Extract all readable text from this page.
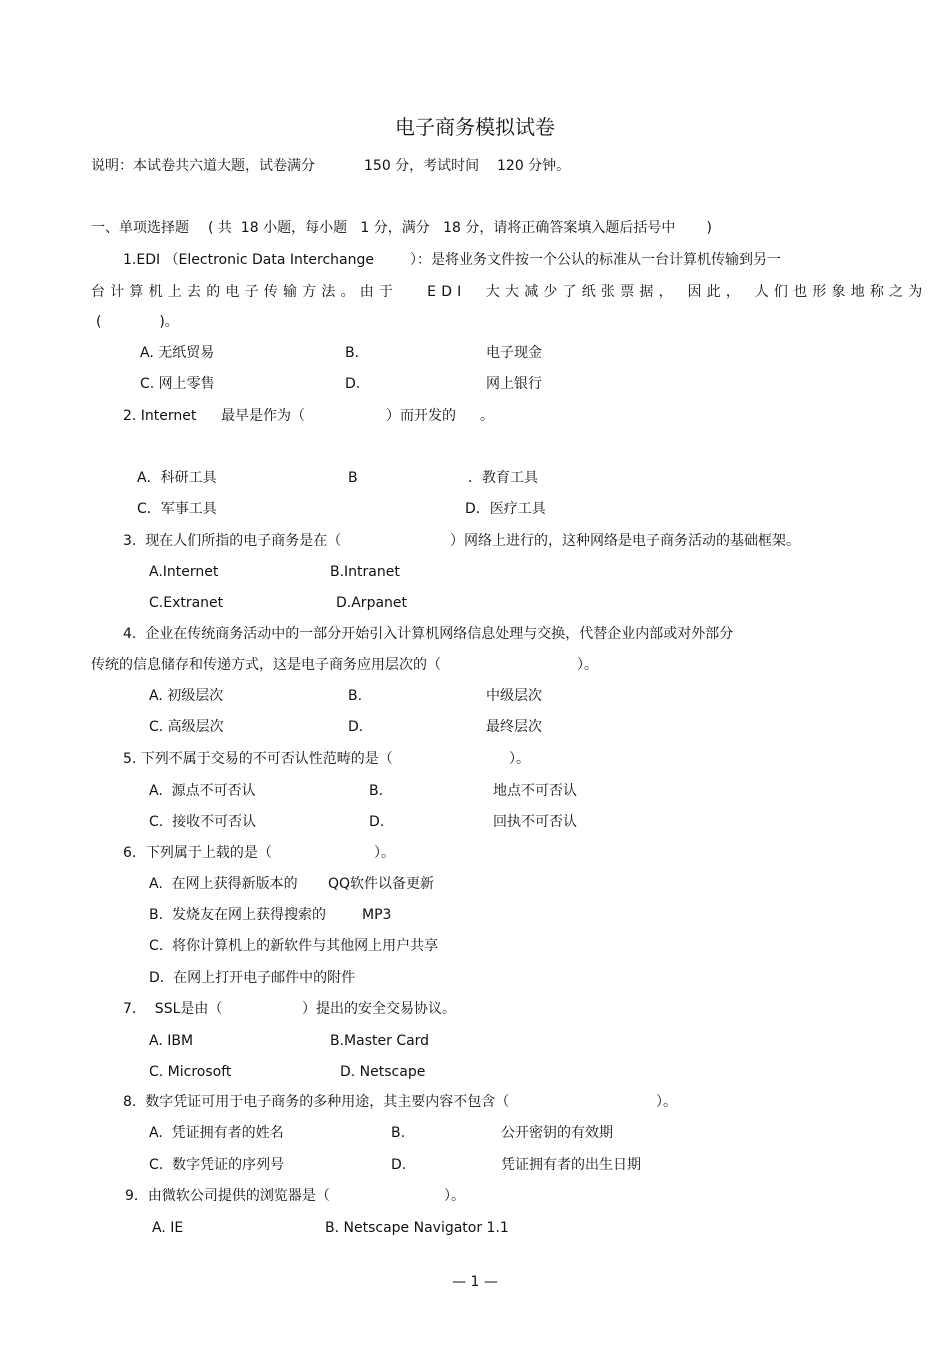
电子商务模拟试卷
说明：本试卷共六道大题，试卷满分	150 分，考试时间 120 分钟。
一、单项选择题 ( 共  18 小题，每小题   1 分，满分   18 分，请将正确答案填入题后括号中       )
1.EDI （Electronic Data Interchange	）：是将业务文件按一个公认的标准从一台计算机传输到另一
台计算机上去的电子传输方法。由于   EDI  大大减少了纸张票据， 因此， 人们也形象地称之为
(             )。
A. 无纸贸易	B.	电子现金
C. 网上零售	D.	网上银行
2. Internet 最早是作为（	）而开发的 。
A．科研工具	B	．教育工具
C．军事工具	D．医疗工具
3.  现在人们所指的电子商务是在（	）网络上进行的，这种网络是电子商务活动的基础框架。
A.Internet	B.Intranet
C.Extranet	D.Arpanet
4.  企业在传统商务活动中的一部分开始引入计算机网络信息处理与交换，代替企业内部或对外部分
传统的信息储存和传递方式，这是电子商务应用层次的（	）。
A. 初级层次	B.	中级层次
C. 高级层次	D.	最终层次
5. 下列不属于交易的不可否认性范畴的是（	）。
A.  源点不可否认	B.	地点不可否认
C.  接收不可否认	D.	回执不可否认
6．下列属于上载的是（	）。
A.  在网上获得新版本的 QQ软件以备更新
B.  发烧友在网上获得搜索的	MP3
C.  将你计算机上的新软件与其他网上用户共享
D.  在网上打开电子邮件中的附件
7．  SSL是由（	）提出的安全交易协议。
A. IBM	B.Master Card
C. Microsoft	D. Netscape
8.  数字凭证可用于电子商务的多种用途，其主要内容不包含（	）。
A.  凭证拥有者的姓名	B.	公开密钥的有效期
C.  数字凭证的序列号	D.	凭证拥有者的出生日期
9．由微软公司提供的浏览器是（	）。
A. IE	B. Netscape Navigator 1.1
— 1 —
